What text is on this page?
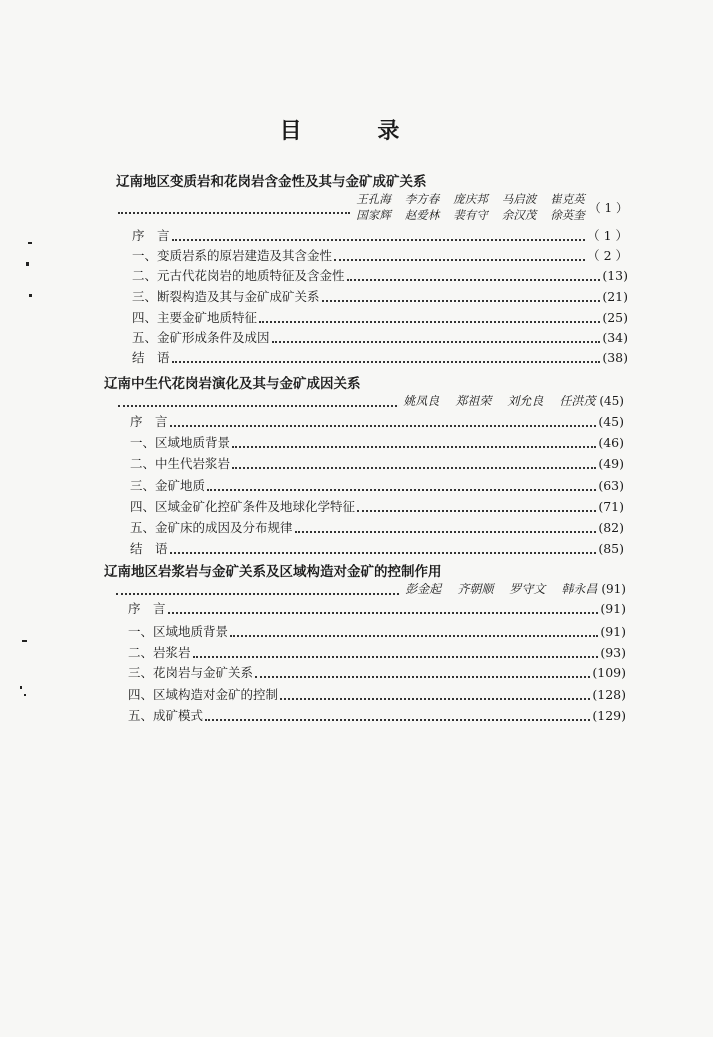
目 录
辽南地区变质岩和花岗岩含金性及其与金矿成矿关系
王孔海 李方春 庞庆邦 马启波 崔克英
国家辉 赵爱林 裴有守 余汉茂 徐英奎 （ 1 ）
序　言	（ 1 ）
一、变质岩系的原岩建造及其含金性	（ 2 ）
二、元古代花岗岩的地质特征及含金性	(13)
三、断裂构造及其与金矿成矿关系	(21)
四、主要金矿地质特征	(25)
五、金矿形成条件及成因	(34)
结　语	(38)
辽南中生代花岗岩演化及其与金矿成因关系
姚凤良 郑祖荣 刘允良 任洪茂 (45)
序　言	(45)
一、区域地质背景	(46)
二、中生代岩浆岩	(49)
三、金矿地质	(63)
四、区域金矿化控矿条件及地球化学特征	(71)
五、金矿床的成因及分布规律	(82)
结　语	(85)
辽南地区岩浆岩与金矿关系及区域构造对金矿的控制作用
彭金起 齐朝顺 罗守文 韩永昌 (91)
序　言	(91)
一、区域地质背景	(91)
二、岩浆岩	(93)
三、花岗岩与金矿关系	(109)
四、区域构造对金矿的控制	(128)
五、成矿模式	(129)
